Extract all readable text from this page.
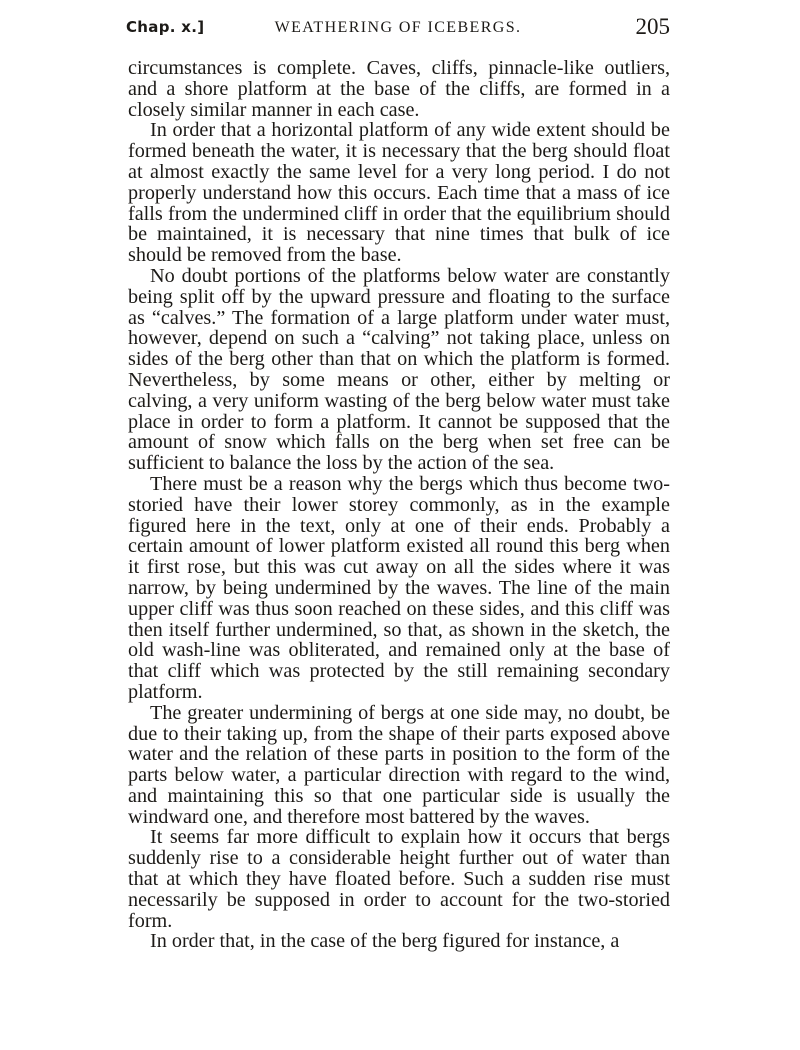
Chap. x.]	WEATHERING OF ICEBERGS.	205

circumstances is complete. Caves, cliffs, pinnacle-like outliers, and a shore platform at the base of the cliffs, are formed in a closely similar manner in each case.

In order that a horizontal platform of any wide extent should be formed beneath the water, it is necessary that the berg should float at almost exactly the same level for a very long period. I do not properly understand how this occurs. Each time that a mass of ice falls from the undermined cliff in order that the equilibrium should be maintained, it is necessary that nine times that bulk of ice should be removed from the base.

No doubt portions of the platforms below water are constantly being split off by the upward pressure and floating to the surface as “calves.” The formation of a large platform under water must, however, depend on such a “calving” not taking place, unless on sides of the berg other than that on which the platform is formed. Nevertheless, by some means or other, either by melting or calving, a very uniform wasting of the berg below water must take place in order to form a platform. It cannot be supposed that the amount of snow which falls on the berg when set free can be sufficient to balance the loss by the action of the sea.

There must be a reason why the bergs which thus become two-storied have their lower storey commonly, as in the example figured here in the text, only at one of their ends. Probably a certain amount of lower platform existed all round this berg when it first rose, but this was cut away on all the sides where it was narrow, by being undermined by the waves. The line of the main upper cliff was thus soon reached on these sides, and this cliff was then itself further undermined, so that, as shown in the sketch, the old wash-line was obliterated, and remained only at the base of that cliff which was protected by the still remaining secondary platform.

The greater undermining of bergs at one side may, no doubt, be due to their taking up, from the shape of their parts exposed above water and the relation of these parts in position to the form of the parts below water, a particular direction with regard to the wind, and maintaining this so that one particular side is usually the windward one, and therefore most battered by the waves.

It seems far more difficult to explain how it occurs that bergs suddenly rise to a considerable height further out of water than that at which they have floated before. Such a sudden rise must necessarily be supposed in order to account for the two-storied form.

In order that, in the case of the berg figured for instance, a
